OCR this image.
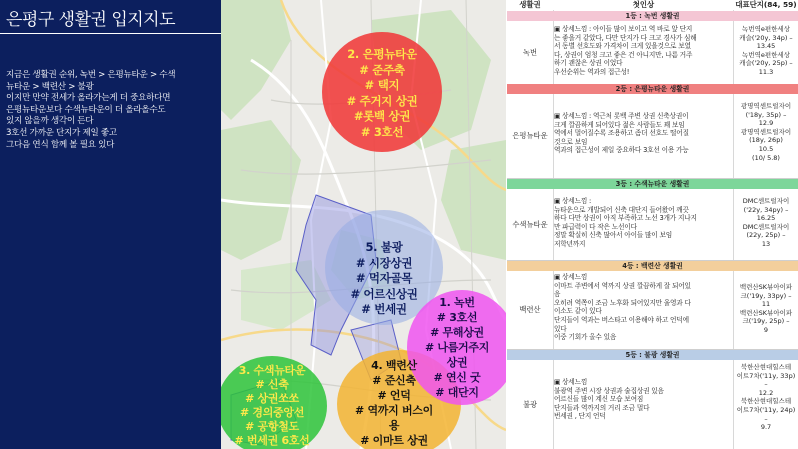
은평구 생활권 입지지도
지금은 생활권 순위, 녹번 > 은평뉴타운 > 수색
뉴타운 > 백련산 > 불광
이지만 만약 전세가 올라가는게 더 중요하다면
은평뉴타운보다 수색뉴타운이 더 올라올수도
있지 않을까 생각이 든다
3호선 가까운 단지가 제일 좋고
그다음 연식 함께 볼 필요 있다
2. 은평뉴타운
# 준주축
# 택지
# 주거지 상권
#롯백 상권
# 3호선
5. 불광
# 시장상권
# 먹자골목
# 어르신상권
# 번세권
4. 백련산
# 준신축
# 언덕
# 역까지 버스이
용
# 이마트 상권
3. 수색뉴타운
# 신축
# 상권쏘쏘
# 경의중앙선
# 공항철도
# 번세권 6호선
1. 녹번
# 3호선
# 무해상권
# 나름거주지
상권
# 연신 굿
# 대단지
생활권	첫인상	대표단지(84, 59)
1등 : 녹번 생활권
녹번
▣ 상세느낌 : 아이들 많이 보이고 역 바로 앞 단지
는 좋을거 같았다, 다만 단지가 다 크고 경사가 심해
서 동별 선호도와 가격차이 크게 있을것으로 보였
다, 상권이 엄청 크고 좋은 건 아니지만, 나름 거주
하기 괜찮은 상권 이었다
우선순위는 역과의 접근성!
녹번역e편한세상
캐슬('20y, 34p) –
13.45
녹번역e편한세상
캐슬('20y, 25p) –
11.3
2등 : 은평뉴타운 생활권
은평뉴타운
▣ 상세느낌 : 역근처 롯백 주변 상권 신축상권이
크게 깔끔하게 되어있다 젊은 사람들도 꽤 보임
역에서 멀어질수록 조용하고 좀더 선호도 떨어질
것으로 보임
역과의 접근성이 제일 중요하다 3호선 이용 가능
광명역센트럴자이
('18y, 35p) –
12.9
광명역센트럴자이
(18y, 26p)
10.5
(10/ 5.8)
3등 : 수색뉴타운 생활권
수색뉴타운
▣ 상세느낌 :
뉴타운으로 개발되어 신축 대단지 들어왔어 깨끗
하다 다만 상권이 아직 부족하고 노선 3개가 지나지
만 파급력이 다 작은 노선이다
정말 확실히 신축 많아서 아이들 많이 보임
저학년까지
DMC센트럴자이
('22y, 34py) –
16.25
DMC센트럴자이
(22y, 25p) –
13
4등 : 백련산 생활권
백련산
▣ 상세느낌
이마트 주변에서 역까지 상권 깔끔하게 잘 되어있
음
오히려 역쪽이 조금 노후화 되어있지만 울영과 다
이소도 같이 있다
단지들이 역과는 버스타고 이용해야 하고 언덕에
있다
이중 기회가 올수 있음
백련산SK뷰아이파
크('19y, 33py) –
11
백련산SK뷰아이파
크('19y, 25p) –
9
5등 : 불광 생활권
불광
▣ 상세느낌
불광역 주변 시장 상권과 술집상권 있음
어르신들 많이 계신 모습 보여짐
단지들과 역까지의 거리 조금 멀다
번세권 , 단지 언덕
북한산현대힐스테
이트7차('11y, 33p)
–
12.2
북한산현대힐스테
이트7차('11y, 24p)
–
9.7
